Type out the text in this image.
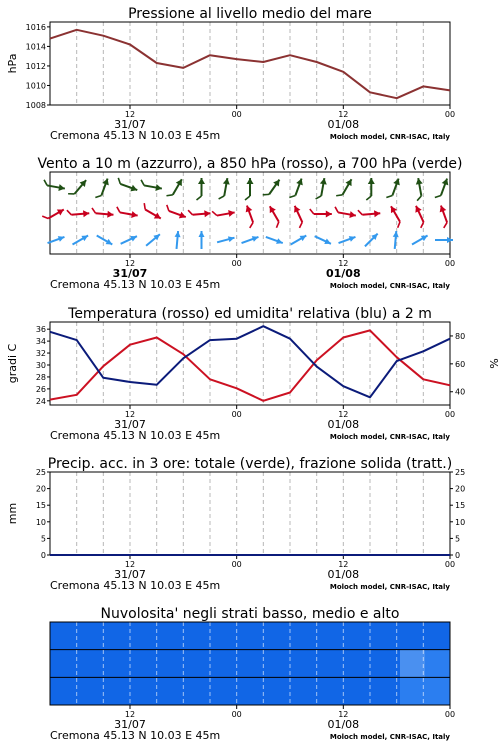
Pressione al livello medio del mare
12	00	12	00
31/07	01/08
Cremona 45.13 N 10.03 E 45m	Moloch model, CNR-ISAC, Italy
1016
1014
1012
1010
1008
hPa
Vento a 10 m (azzurro), a 850 hPa (rosso), a 700 hPa (verde)
12	00	12	00
31/07	01/08
Cremona 45.13 N 10.03 E 45m	Moloch model, CNR-ISAC, Italy
Temperatura (rosso) ed umidita' relativa (blu) a 2 m
12	00	12	00
31/07	01/08
Cremona 45.13 N 10.03 E 45m	Moloch model, CNR-ISAC, Italy
36
34
32
30
28
26
24
gradi C
80
60
40
%
Precip. acc. in 3 ore: totale (verde), frazione solida (tratt.)
12	00	12	00
31/07	01/08
Cremona 45.13 N 10.03 E 45m	Moloch model, CNR-ISAC, Italy
25
20
15
10
5
0
mm
25
20
15
10
5
0
Nuvolosita' negli strati basso, medio e alto
12	00	12	00
31/07	01/08
Cremona 45.13 N 10.03 E 45m	Moloch model, CNR-ISAC, Italy
